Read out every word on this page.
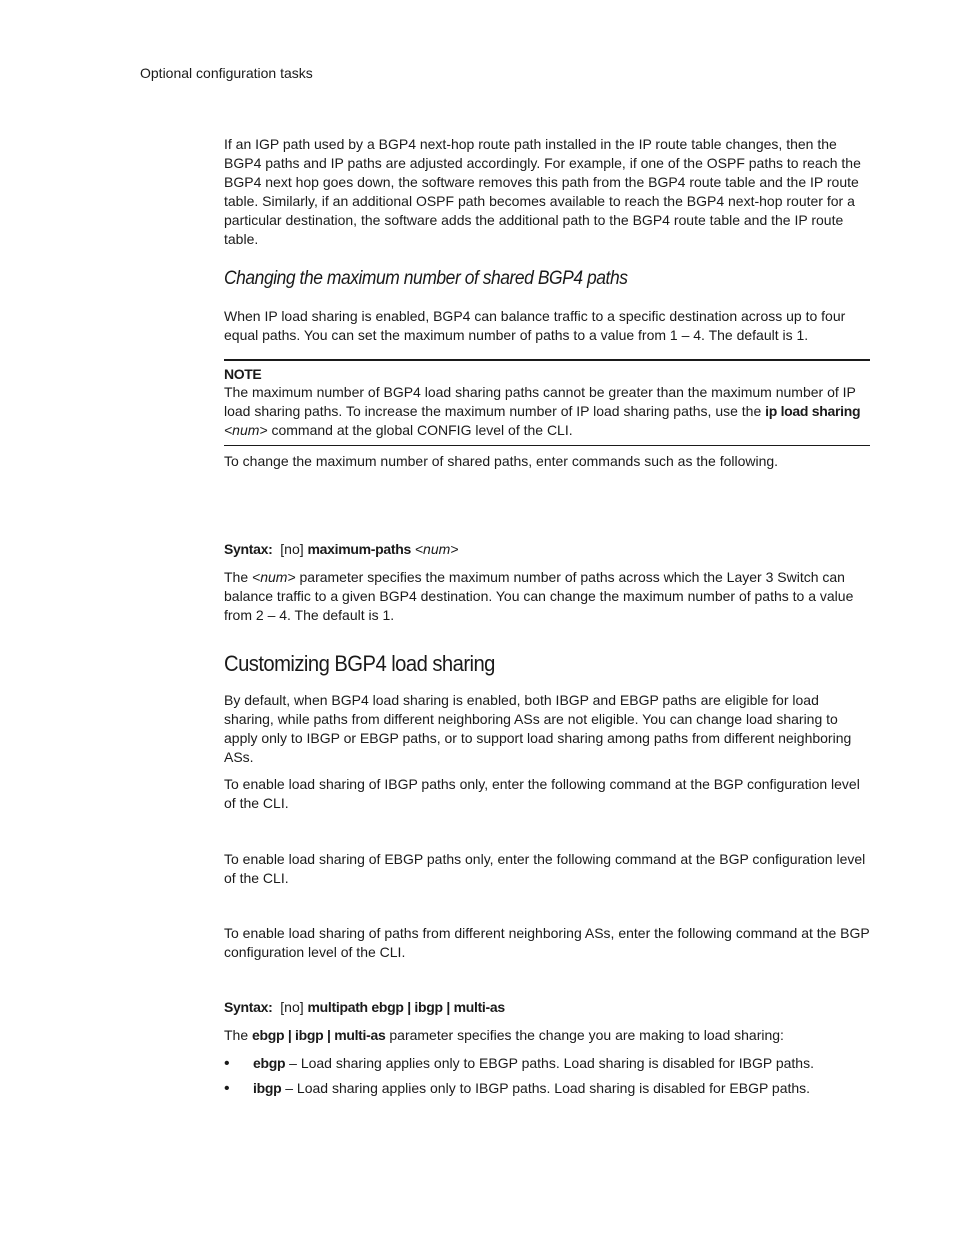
Optional configuration tasks

If an IGP path used by a BGP4 next-hop route path installed in the IP route table changes, then the BGP4 paths and IP paths are adjusted accordingly. For example, if one of the OSPF paths to reach the BGP4 next hop goes down, the software removes this path from the BGP4 route table and the IP route table. Similarly, if an additional OSPF path becomes available to reach the BGP4 next-hop router for a particular destination, the software adds the additional path to the BGP4 route table and the IP route table.

Changing the maximum number of shared BGP4 paths

When IP load sharing is enabled, BGP4 can balance traffic to a specific destination across up to four equal paths. You can set the maximum number of paths to a value from 1 – 4. The default is 1.

NOTE

The maximum number of BGP4 load sharing paths cannot be greater than the maximum number of IP load sharing paths. To increase the maximum number of IP load sharing paths, use the ip load sharing <num> command at the global CONFIG level of the CLI.

To change the maximum number of shared paths, enter commands such as the following.

Syntax: [no] maximum-paths <num>

The <num> parameter specifies the maximum number of paths across which the Layer 3 Switch can balance traffic to a given BGP4 destination. You can change the maximum number of paths to a value from 2 – 4. The default is 1.

Customizing BGP4 load sharing

By default, when BGP4 load sharing is enabled, both IBGP and EBGP paths are eligible for load sharing, while paths from different neighboring ASs are not eligible. You can change load sharing to apply only to IBGP or EBGP paths, or to support load sharing among paths from different neighboring ASs.

To enable load sharing of IBGP paths only, enter the following command at the BGP configuration level of the CLI.

To enable load sharing of EBGP paths only, enter the following command at the BGP configuration level of the CLI.

To enable load sharing of paths from different neighboring ASs, enter the following command at the BGP configuration level of the CLI.

Syntax: [no] multipath ebgp | ibgp | multi-as

The ebgp | ibgp | multi-as parameter specifies the change you are making to load sharing:

• ebgp – Load sharing applies only to EBGP paths. Load sharing is disabled for IBGP paths.
• ibgp – Load sharing applies only to IBGP paths. Load sharing is disabled for EBGP paths.
